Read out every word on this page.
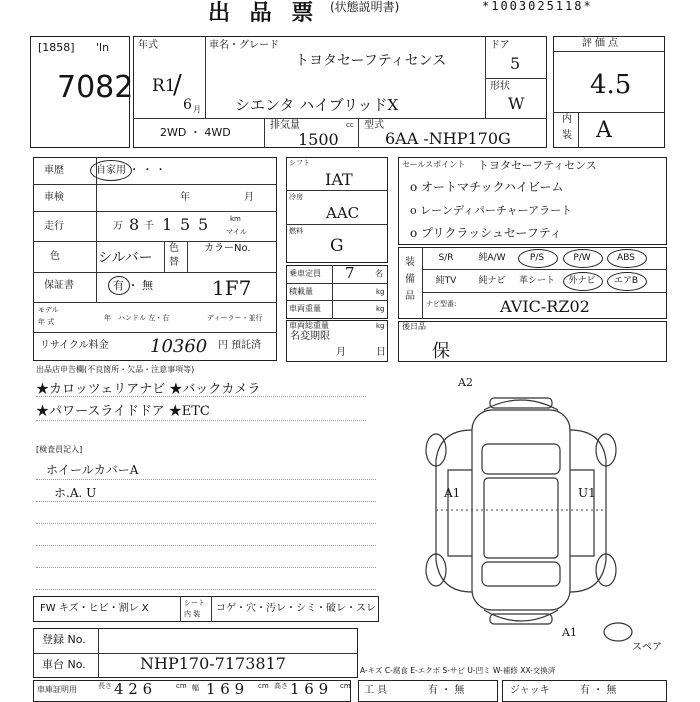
出 品 票 (状態説明書)	*1003025118*
[1858] 'ln
7082
年式
R1
/
6 月
車名・グレード
トヨタセーフティセンス
シエンタ ハイブリッドX
ドア
5
形状
W
2WD ・ 4WD
排気量	cc
1500
型式
6AA -NHP170G
評価点
4.5
内
装 A
車歴	自家用 ・ ・ ・
車検	年	月
走行	万 8 千 1 5 5	km
マイル
色	シルバー
色
替
カラーNo.
保証書	有 ・ 無	1F7
モデル
年 式	年 ハンドル 左・右	ディーラー・並行
リサイクル料金 10360 円 預託済
シフト
IAT
冷房
AAC
燃料
G
乗車定員 7	名
積載量	kg
車両重量	kg
車両総重量	kg
名変期限
月	日
セールスポイント トヨタセーフティセンス
o オートマチックハイビーム
o レーンディパーチャーアラート
o プリクラッシュセーフティ
装
備
品
S/R	純A/W	P/S	P/W	ABS
純TV	純ナビ	革シート	外ナビ	エアB
ナビ型番:	AVIC-RZ02
後日品
保
出品店申告欄(不良箇所・欠品・注意事項等)
★カロッツェリアナビ ★バックカメラ
★パワースライドドア ★ETC
[検査員記入]
ホイールカバーA
ホ.A. U
A2
A1	U1
A1
スペア
FW キズ・ヒビ・割レ X	シート
内 装 コゲ・穴・汚レ・シミ・破レ・スレ
登録 No.
車台 No.	NHP170-7173817	A-キズ C-腐食 E-エクボ S-サビ U-凹ミ W-補修 XX-交換済
車庫証明用	長さ 4 2 6	cm 幅 1 6 9 cm 高さ 1 6 9 cm 工 具	有 ・ 無	ジャッキ	有 ・ 無
